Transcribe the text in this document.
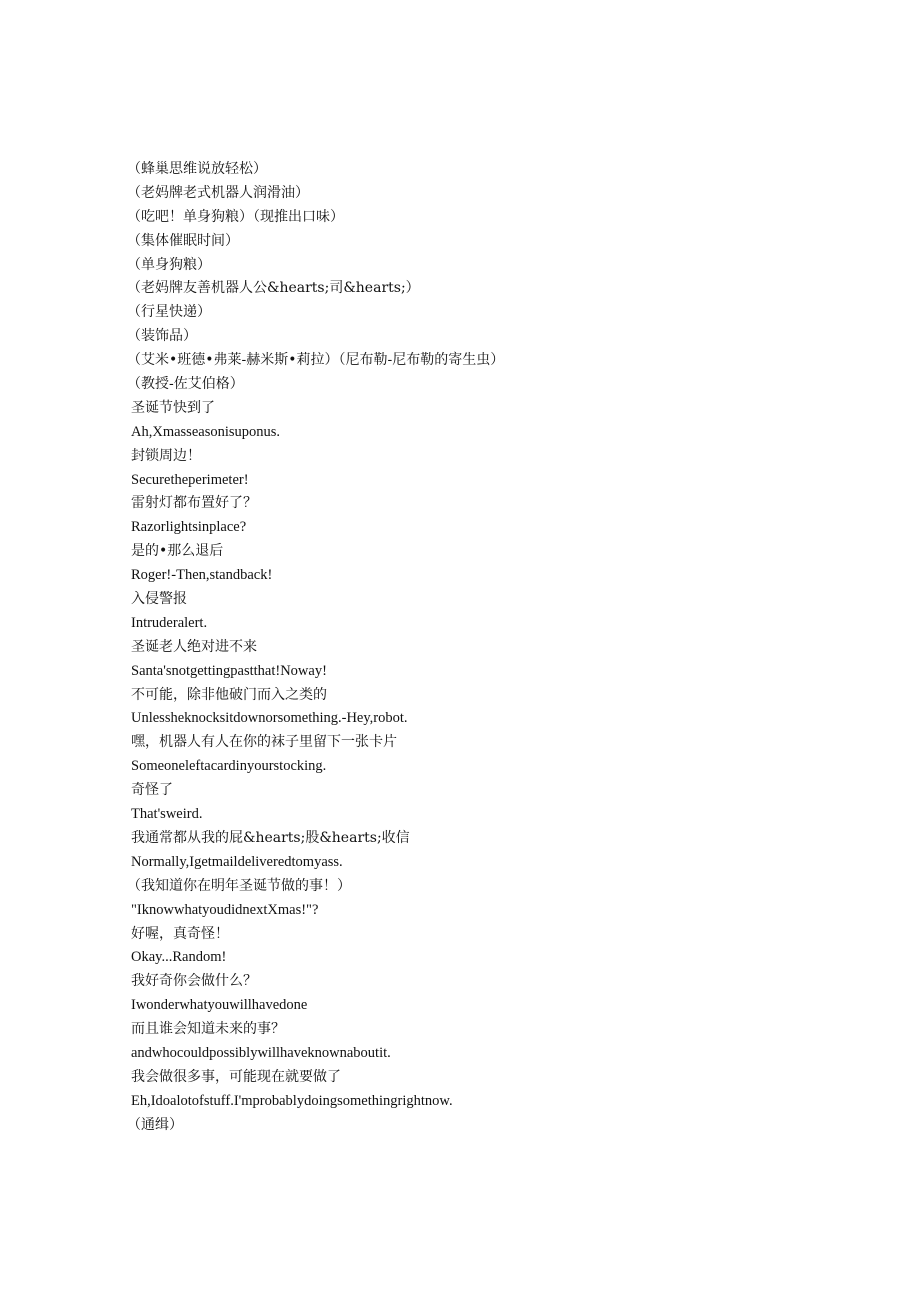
（蜂巢思维说放轻松）
（老妈牌老式机器人润滑油）
（吃吧！单身狗粮）（现推出口味）
（集体催眠时间）
（单身狗粮）
（老妈牌友善机器人公&hearts;司&hearts;）
（行星快递）
（装饰品）
（艾米•班德•弗莱-赫米斯•莉拉）（尼布勒-尼布勒的寄生虫）
（教授-佐艾伯格）
圣诞节快到了
Ah,Xmasseasonisuponus.
封锁周边！
Securetheperimeter!
雷射灯都布置好了？
Razorlightsinplace?
是的•那么退后
Roger!-Then,standback!
入侵警报
Intruderalert.
圣诞老人绝对进不来
Santa'snotgettingpastthat!Noway!
不可能，除非他破门而入之类的
Unlessheknocksitdownorsomething.-Hey,robot.
嘿，机器人有人在你的袜子里留下一张卡片
Someoneleftacardinyourstocking.
奇怪了
That'sweird.
我通常都从我的屁&hearts;股&hearts;收信
Normally,Igetmaildeliveredtomyass.
（我知道你在明年圣诞节做的事！）
"IknowwhatyoudidnextXmas!"?
好喔，真奇怪！
Okay...Random!
我好奇你会做什么？
Iwonderwhatyouwillhavedone
而且谁会知道未来的事？
andwhocouldpossiblywillhaveknownaboutit.
我会做很多事，可能现在就要做了
Eh,Idoalotofstuff.I'mprobablydoingsomethingrightnow.
（通缉）
